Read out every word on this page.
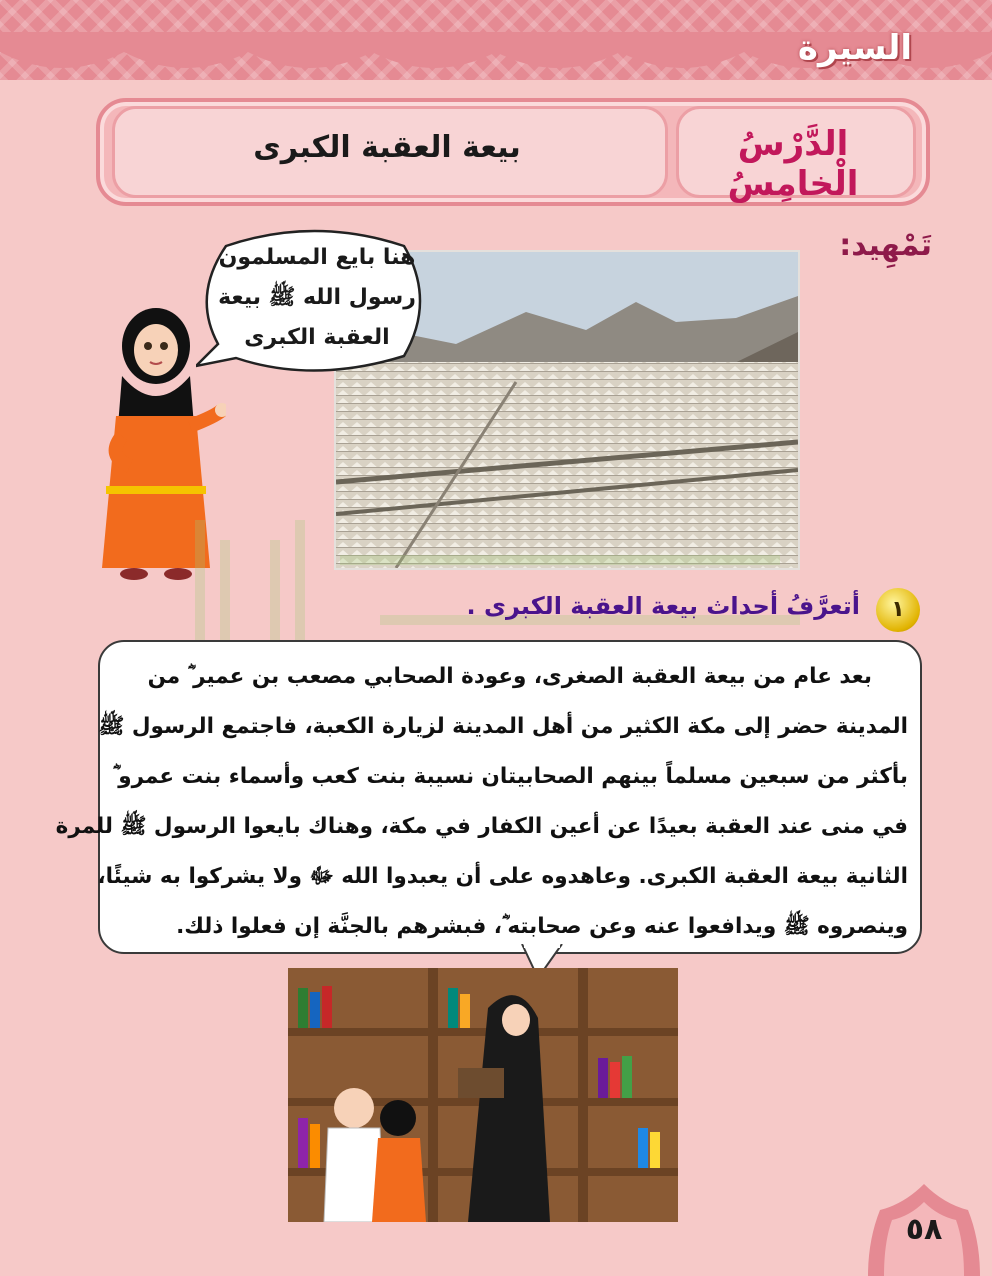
السيرة
بيعة العقبة الكبرى	الدَّرْسُ الْخامِسُ
تَمْهِيد:
هنا بايع المسلمون
رسول الله ﷺ بيعة
العقبة الكبرى
١
أتعرَّفُ أحداث بيعة العقبة الكبرى .
بعد عام من بيعة العقبة الصغرى، وعودة الصحابي مصعب بن عمير ؓ من
المدينة حضر إلى مكة الكثير من أهل المدينة لزيارة الكعبة، فاجتمع الرسول ﷺ
بأكثر من سبعين مسلماً بينهم الصحابيتان نسيبة بنت كعب وأسماء بنت عمرو ؓ
في منى عند العقبة بعيدًا عن أعين الكفار في مكة، وهناك بايعوا الرسول ﷺ للمرة
الثانية بيعة العقبة الكبرى. وعاهدوه على أن يعبدوا الله ﷻ ولا يشركوا به شيئًا،
وينصروه ﷺ ويدافعوا عنه وعن صحابته ؓ، فبشرهم بالجنَّة إن فعلوا ذلك.
٥٨
